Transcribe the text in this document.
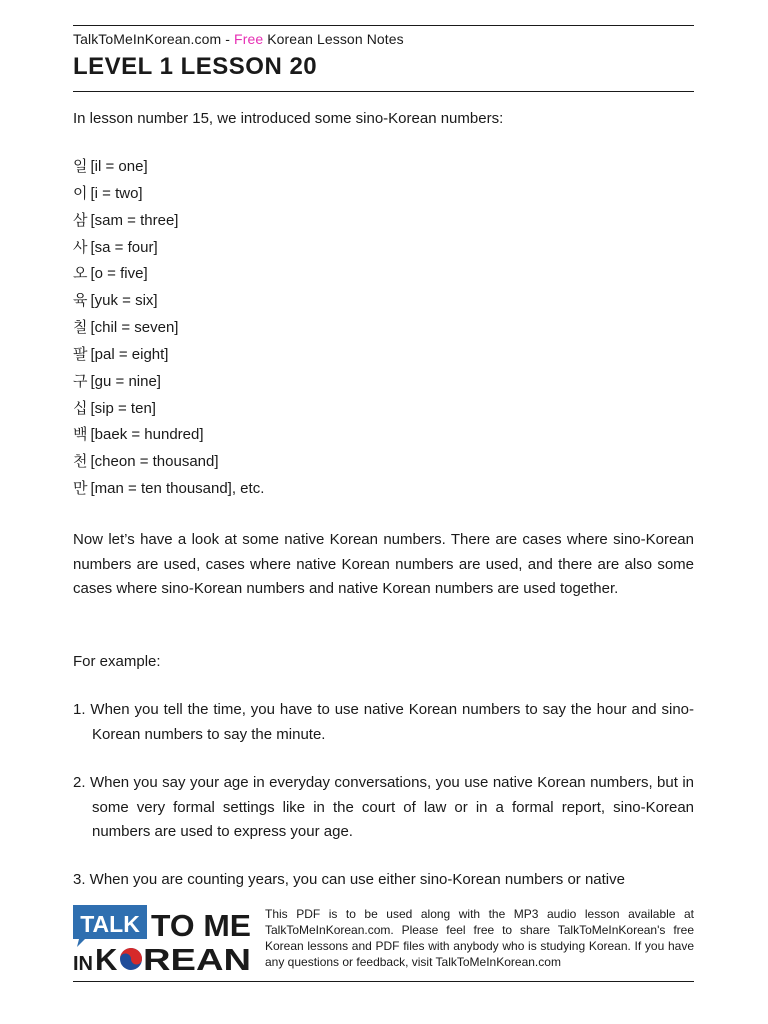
TalkToMeInKorean.com - Free Korean Lesson Notes
LEVEL 1 LESSON 20
In lesson number 15, we introduced some sino-Korean numbers:
일 [il = one]
이 [i = two]
삼 [sam = three]
사 [sa = four]
오 [o = five]
육 [yuk = six]
칠 [chil = seven]
팔 [pal = eight]
구 [gu = nine]
십 [sip = ten]
백 [baek = hundred]
천 [cheon = thousand]
만 [man = ten thousand], etc.
Now let’s have a look at some native Korean numbers. There are cases where sino-Korean numbers are used, cases where native Korean numbers are used, and there are also some cases where sino-Korean numbers and native Korean numbers are used together.
For example:
1. When you tell the time, you have to use native Korean numbers to say the hour and sino- Korean numbers to say the minute.
2. When you say your age in everyday conversations, you use native Korean numbers, but in some very formal settings like in the court of law or in a formal report, sino-Korean numbers are used to express your age.
3. When you are counting years, you can use either sino-Korean numbers or native
TALK TO ME
IN K REAN
This PDF is to be used along with the MP3 audio lesson available at TalkToMeInKorean.com. Please feel free to share TalkToMeInKorean's free Korean lessons and PDF files with anybody who is studying Korean. If you have any questions or feedback, visit TalkToMeInKorean.com
